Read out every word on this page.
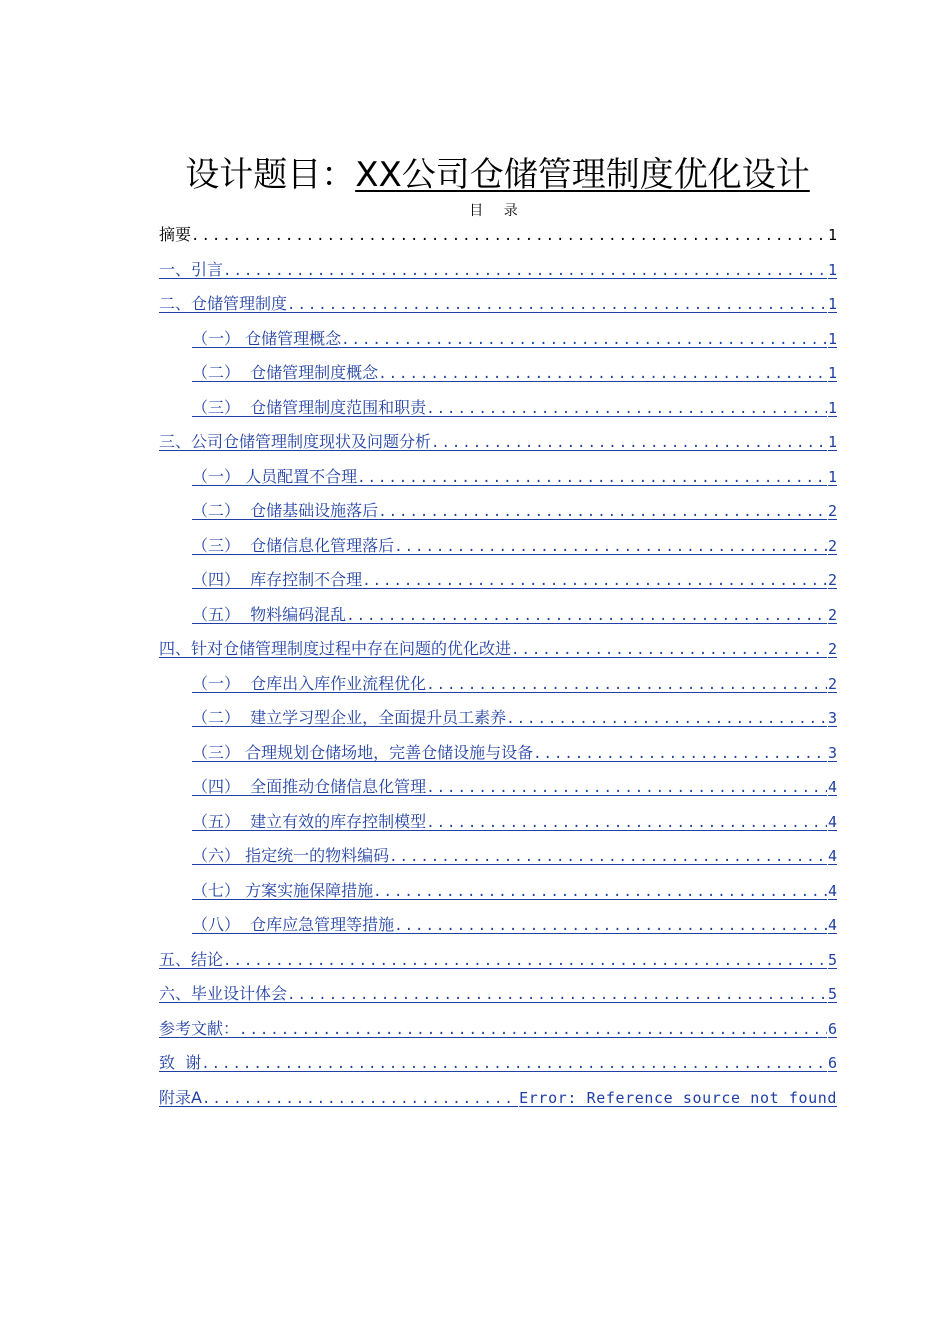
设计题目：XX公司仓储管理制度优化设计
目 录
摘要 .....	1
一、引言 .....	1
二、仓储管理制度 .....	1
（一） 仓储管理概念 .....	1
（二）  仓储管理制度概念 .....	1
（三）  仓储管理制度范围和职责 .....	1
三、公司仓储管理制度现状及问题分析 .....	1
（一） 人员配置不合理 .....	1
（二）  仓储基础设施落后 .....	2
（三）  仓储信息化管理落后 .....	2
（四）  库存控制不合理 .....	2
（五）  物料编码混乱 .....	2
四、针对仓储管理制度过程中存在问题的优化改进 .....	2
（一）  仓库出入库作业流程优化 .....	2
（二）  建立学习型企业，全面提升员工素养 .....	3
（三） 合理规划仓储场地，完善仓储设施与设备 .....	3
（四）  全面推动仓储信息化管理 .....	4
（五）  建立有效的库存控制模型 .....	4
（六） 指定统一的物料编码 .....	4
（七） 方案实施保障措施 .....	4
（八）  仓库应急管理等措施 .....	4
五、结论 .....	5
六、毕业设计体会 .....	5
参考文献： .....	6
致  谢 .....	6
附录A .....	Error: Reference source not found
